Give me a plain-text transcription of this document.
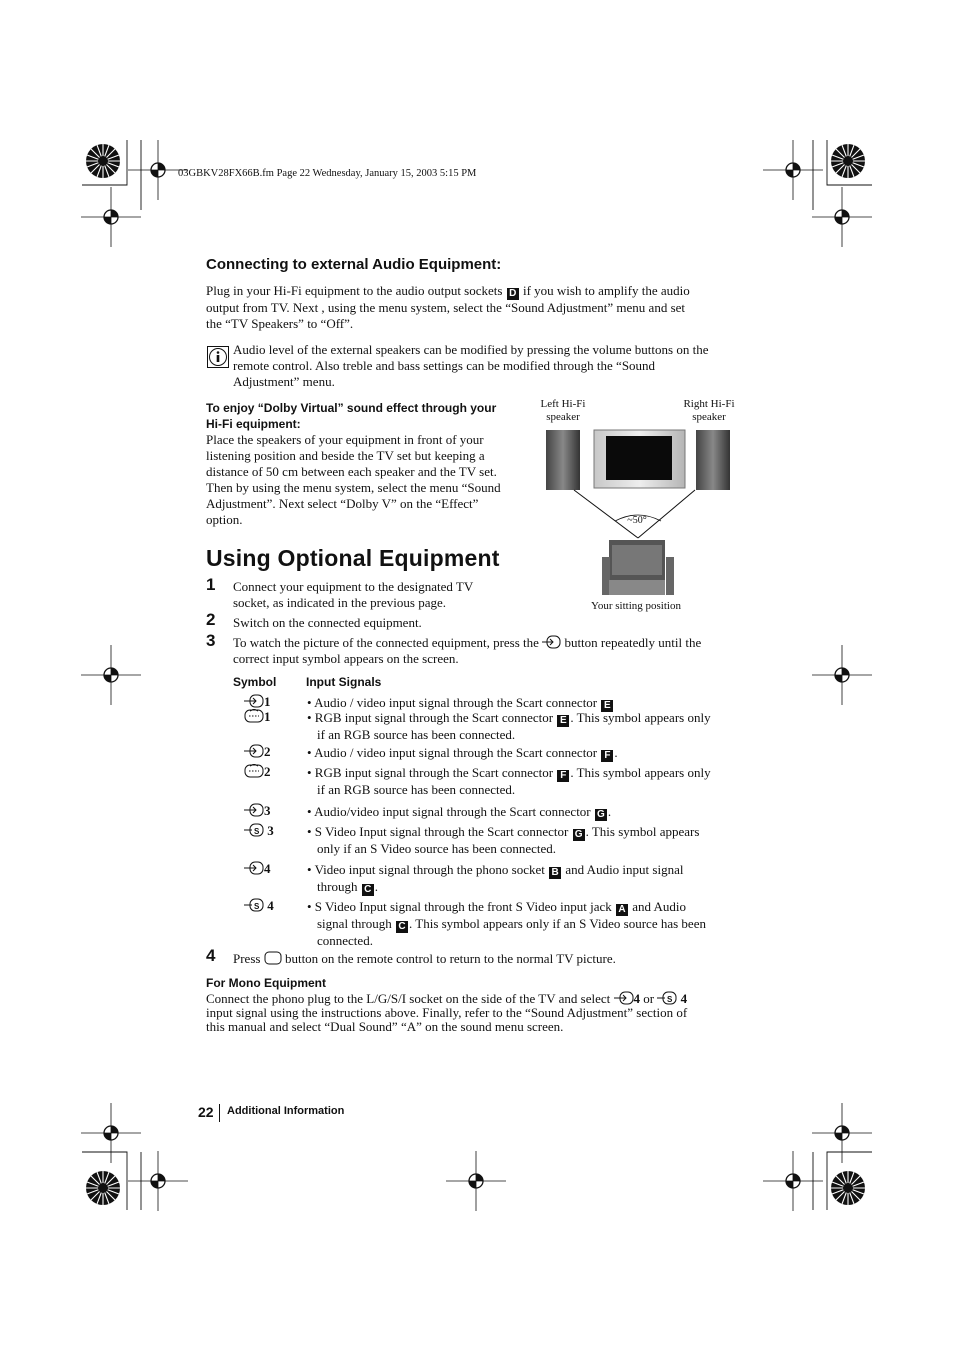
03GBKV28FX66B.fm Page 22 Wednesday, January 15, 2003 5:15 PM
Connecting to external Audio Equipment:
Plug in your Hi-Fi equipment to the audio output sockets D if you wish to amplify the audio
output from TV. Next , using the menu system, select the “Sound Adjustment” menu and set
the “TV Speakers” to “Off”.
Audio level of the external speakers can be modified by pressing the volume buttons on the
remote control. Also treble and bass settings can be modified through the “Sound
Adjustment” menu.
To enjoy “Dolby Virtual” sound effect through your
Hi-Fi equipment:
Place the speakers of your equipment in front of your
listening position and beside the TV set but keeping a
distance of 50 cm between each speaker and the TV set.
Then by using the menu system, select the menu “Sound
Adjustment”. Next select “Dolby V” on the “Effect”
option.
Left Hi-Fi
speaker
Right Hi-Fi
speaker
~50°
Your sitting position
Using Optional Equipment
1 Connect your equipment to the designated TV
socket, as indicated in the previous page.
2 Switch on the connected equipment.
3 To watch the picture of the connected equipment, press the button repeatedly until the
correct input symbol appears on the screen.
Symbol Input Signals
1	• Audio / video input signal through the Scart connector E
1	• RGB input signal through the Scart connector E . This symbol appears only
if an RGB source has been connected.
2	• Audio / video input signal through the Scart connector F .
2	• RGB input signal through the Scart connector F . This symbol appears only
if an RGB source has been connected.
3	• Audio/video input signal through the Scart connector G .
3	• S Video Input signal through the Scart connector G . This symbol appears
only if an S Video source has been connected.
4	• Video input signal through the phono socket B and Audio input signal
through C .
4	• S Video Input signal through the front S Video input jack A and Audio
signal through C . This symbol appears only if an S Video source has been
connected.
4 Press button on the remote control to return to the normal TV picture.
For Mono Equipment
Connect the phono plug to the L/G/S/I socket on the side of the TV and select 4 or 4
input signal using the instructions above. Finally, refer to the “Sound Adjustment” section of
this manual and select “Dual Sound” “A” on the sound menu screen.
22 Additional Information
